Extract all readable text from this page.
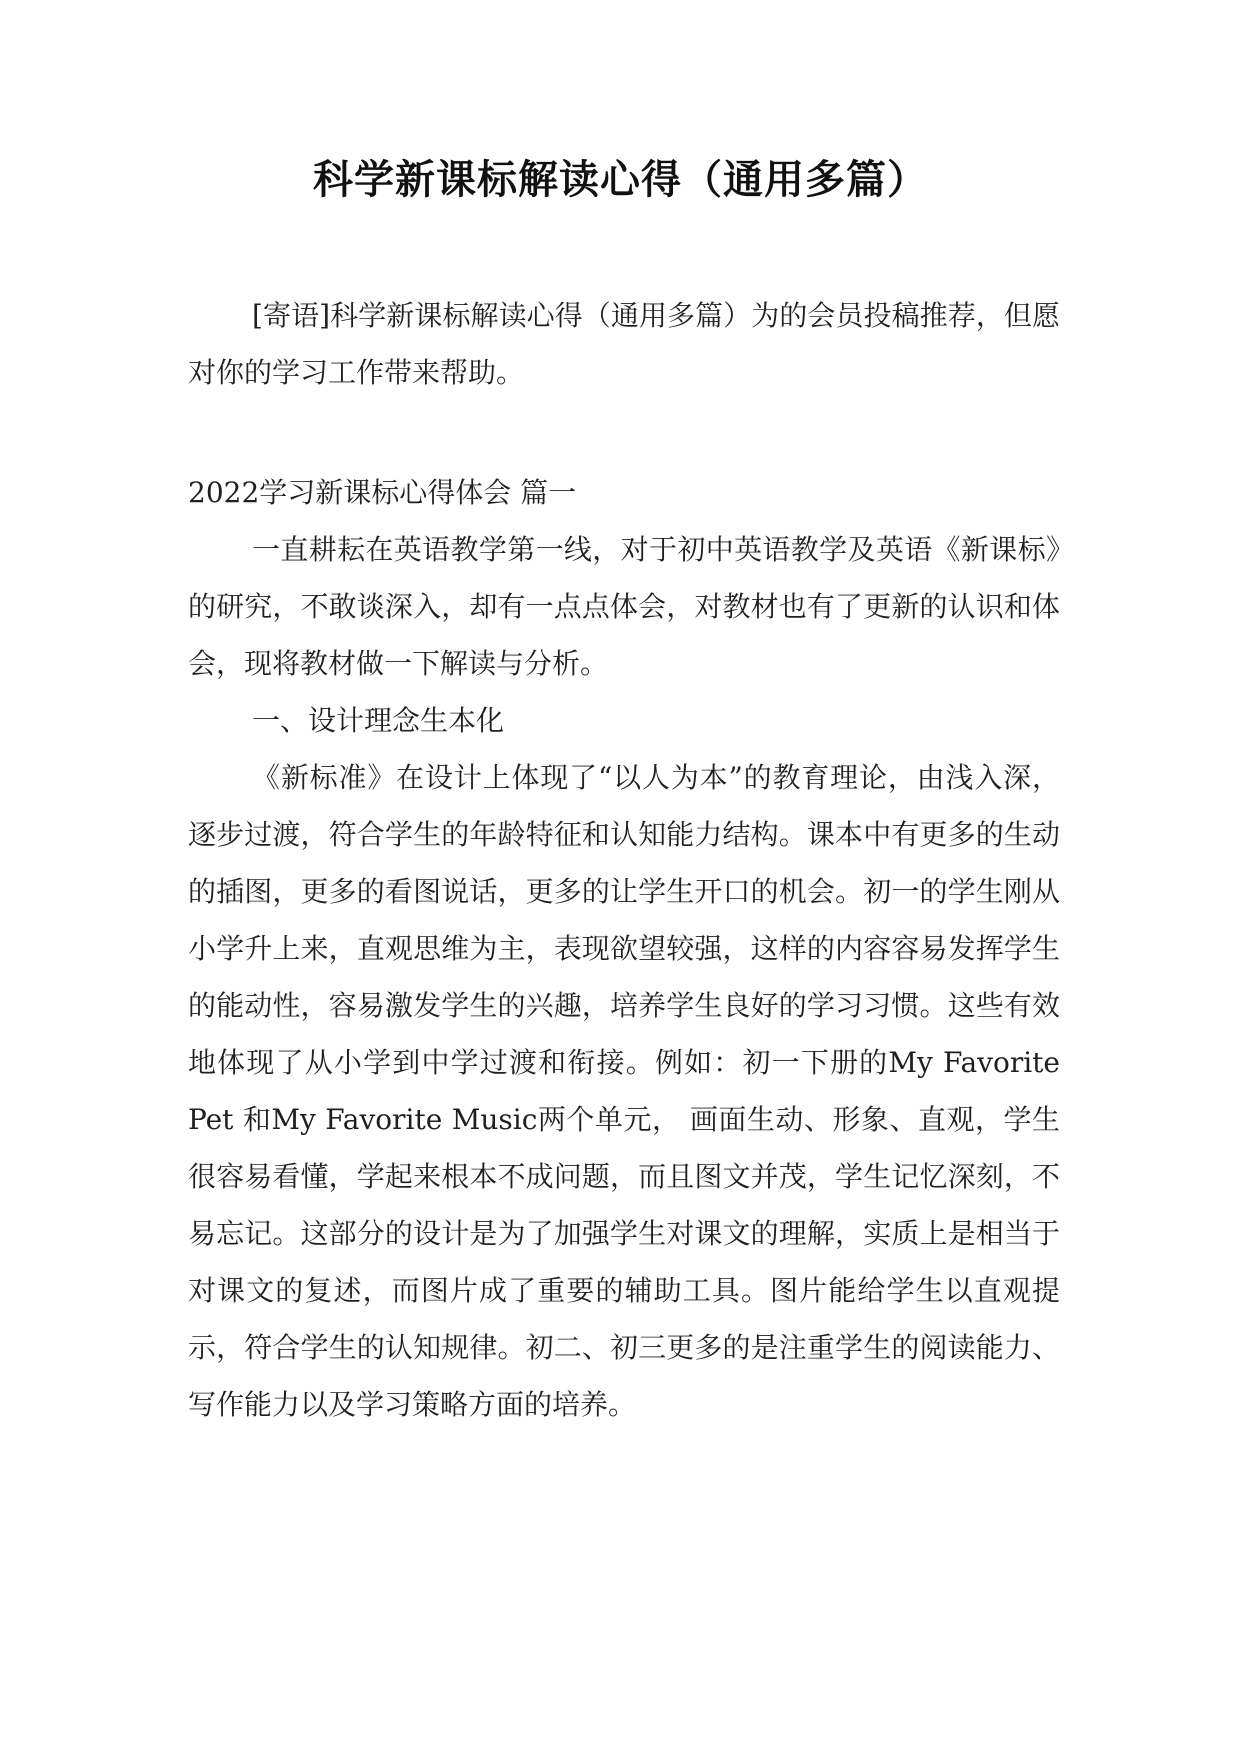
科学新课标解读心得（通用多篇）

[寄语]科学新课标解读心得（通用多篇）为的会员投稿推荐，但愿对你的学习工作带来帮助。

2022学习新课标心得体会 篇一

一直耕耘在英语教学第一线，对于初中英语教学及英语《新课标》的研究，不敢谈深入，却有一点点体会，对教材也有了更新的认识和体会，现将教材做一下解读与分析。

一、设计理念生本化

《新标准》在设计上体现了“以人为本”的教育理论，由浅入深，逐步过渡，符合学生的年龄特征和认知能力结构。课本中有更多的生动的插图，更多的看图说话，更多的让学生开口的机会。初一的学生刚从小学升上来，直观思维为主，表现欲望较强，这样的内容容易发挥学生的能动性，容易激发学生的兴趣，培养学生良好的学习习惯。这些有效地体现了从小学到中学过渡和衔接。例如：初一下册的My Favorite Pet 和My Favorite Music两个单元， 画面生动、形象、直观，学生很容易看懂，学起来根本不成问题，而且图文并茂，学生记忆深刻，不易忘记。这部分的设计是为了加强学生对课文的理解，实质上是相当于对课文的复述，而图片成了重要的辅助工具。图片能给学生以直观提示，符合学生的认知规律。初二、初三更多的是注重学生的阅读能力、写作能力以及学习策略方面的培养。
